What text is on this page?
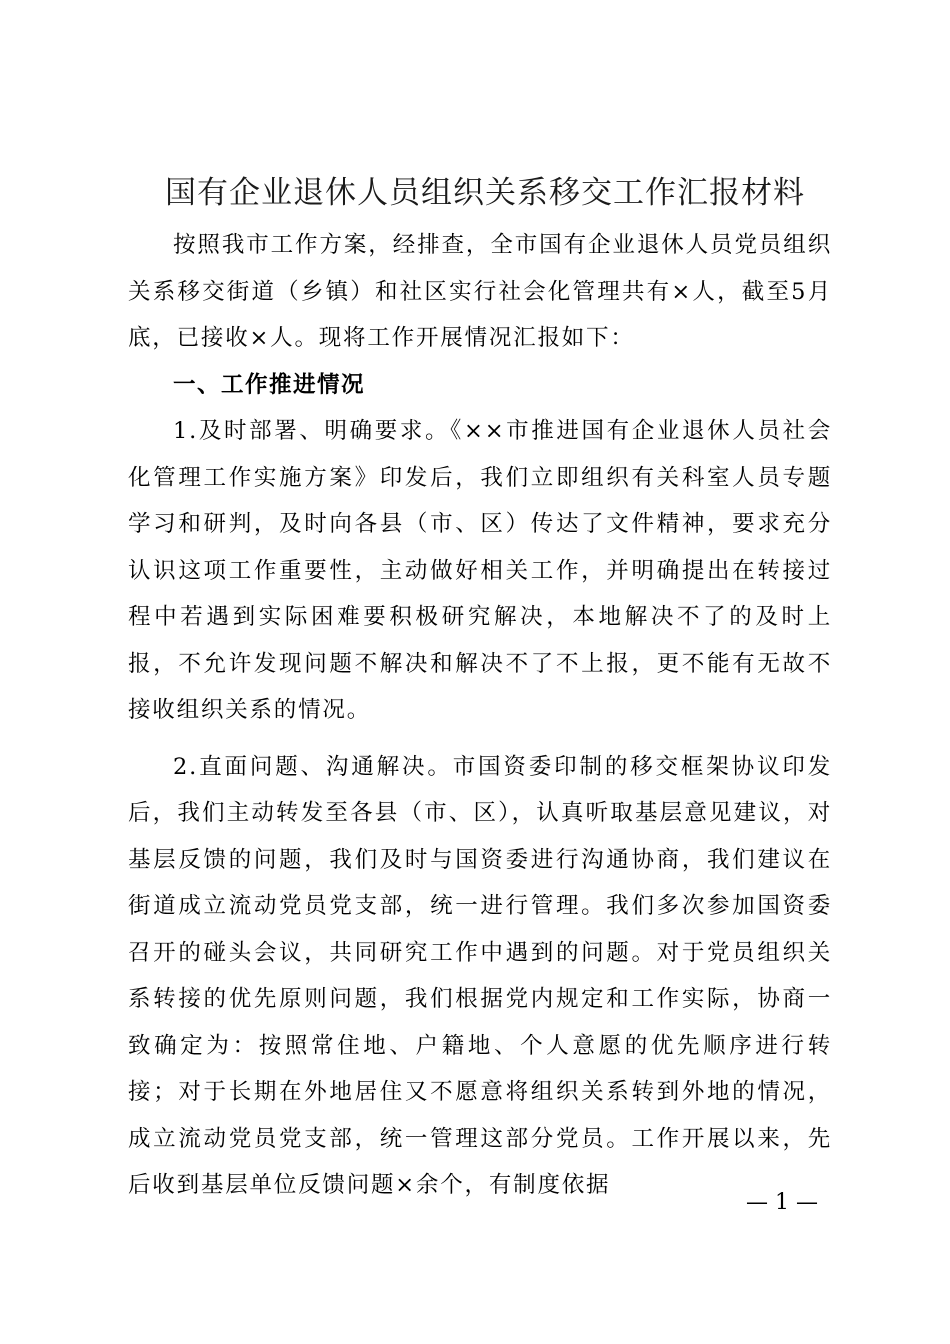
国有企业退休人员组织关系移交工作汇报材料

按照我市工作方案，经排查，全市国有企业退休人员党员组织关系移交街道（乡镇）和社区实行社会化管理共有×人，截至5月底，已接收×人。现将工作开展情况汇报如下：

一、工作推进情况

1.及时部署、明确要求。《××市推进国有企业退休人员社会化管理工作实施方案》印发后，我们立即组织有关科室人员专题学习和研判，及时向各县（市、区）传达了文件精神，要求充分认识这项工作重要性，主动做好相关工作，并明确提出在转接过程中若遇到实际困难要积极研究解决，本地解决不了的及时上报，不允许发现问题不解决和解决不了不上报，更不能有无故不接收组织关系的情况。

2.直面问题、沟通解决。市国资委印制的移交框架协议印发后，我们主动转发至各县（市、区），认真听取基层意见建议，对基层反馈的问题，我们及时与国资委进行沟通协商，我们建议在街道成立流动党员党支部，统一进行管理。我们多次参加国资委召开的碰头会议，共同研究工作中遇到的问题。对于党员组织关系转接的优先原则问题，我们根据党内规定和工作实际，协商一致确定为：按照常住地、户籍地、个人意愿的优先顺序进行转接；对于长期在外地居住又不愿意将组织关系转到外地的情况，成立流动党员党支部，统一管理这部分党员。工作开展以来，先后收到基层单位反馈问题×余个，有制度依据

— 1 —
